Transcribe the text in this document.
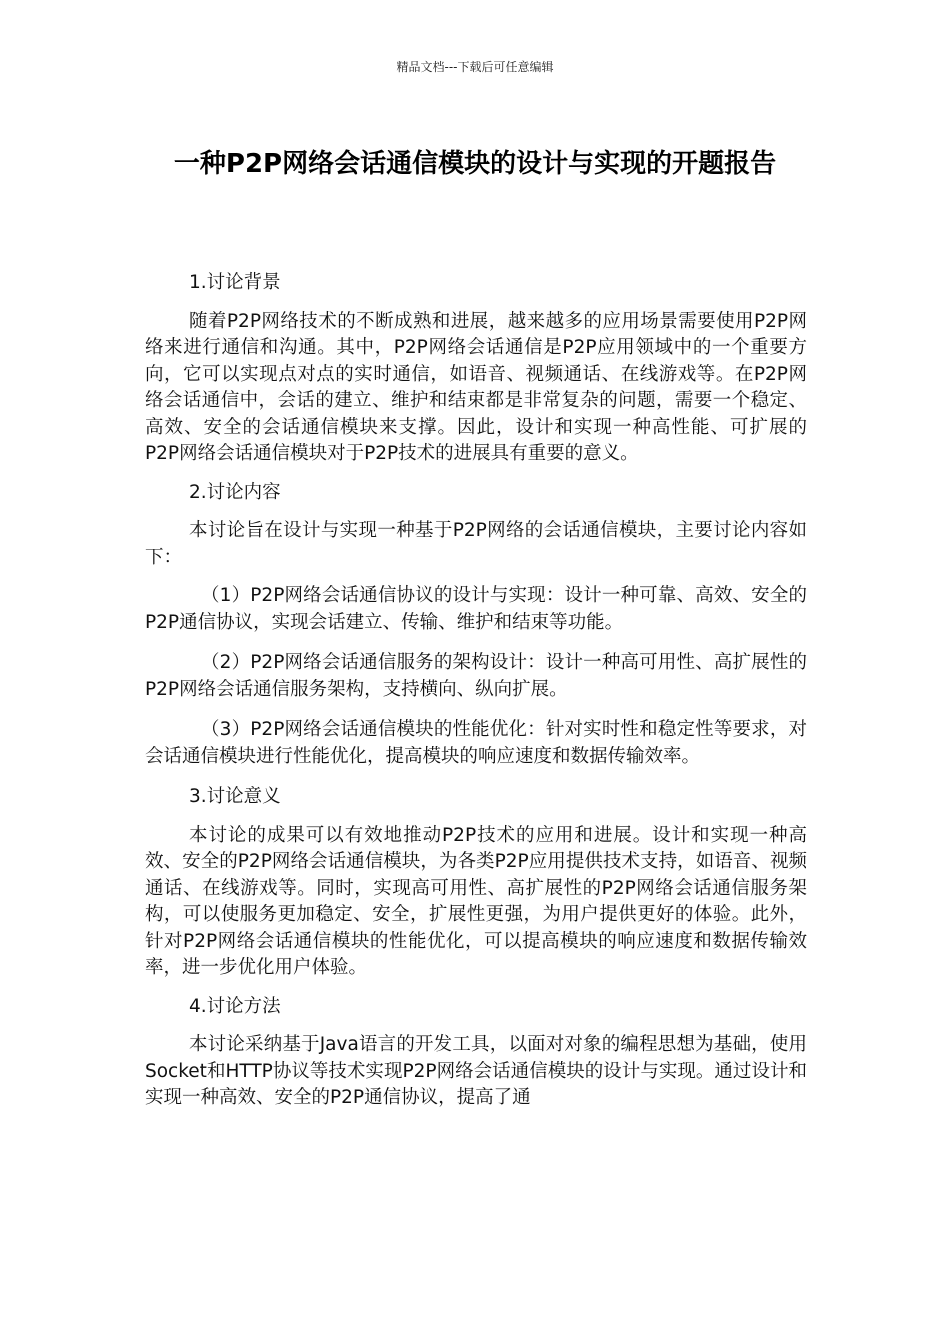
精品文档---下载后可任意编辑
一种P2P网络会话通信模块的设计与实现的开题报告

1.讨论背景

随着P2P网络技术的不断成熟和进展，越来越多的应用场景需要使用P2P网络来进行通信和沟通。其中，P2P网络会话通信是P2P应用领域中的一个重要方向，它可以实现点对点的实时通信，如语音、视频通话、在线游戏等。在P2P网络会话通信中，会话的建立、维护和结束都是非常复杂的问题，需要一个稳定、高效、安全的会话通信模块来支撑。因此，设计和实现一种高性能、可扩展的P2P网络会话通信模块对于P2P技术的进展具有重要的意义。

2.讨论内容

本讨论旨在设计与实现一种基于P2P网络的会话通信模块，主要讨论内容如下：

（1）P2P网络会话通信协议的设计与实现：设计一种可靠、高效、安全的P2P通信协议，实现会话建立、传输、维护和结束等功能。

（2）P2P网络会话通信服务的架构设计：设计一种高可用性、高扩展性的P2P网络会话通信服务架构，支持横向、纵向扩展。

（3）P2P网络会话通信模块的性能优化：针对实时性和稳定性等要求，对会话通信模块进行性能优化，提高模块的响应速度和数据传输效率。

3.讨论意义

本讨论的成果可以有效地推动P2P技术的应用和进展。设计和实现一种高效、安全的P2P网络会话通信模块，为各类P2P应用提供技术支持，如语音、视频通话、在线游戏等。同时，实现高可用性、高扩展性的P2P网络会话通信服务架构，可以使服务更加稳定、安全，扩展性更强，为用户提供更好的体验。此外，针对P2P网络会话通信模块的性能优化，可以提高模块的响应速度和数据传输效率，进一步优化用户体验。

4.讨论方法

本讨论采纳基于Java语言的开发工具，以面对对象的编程思想为基础，使用Socket和HTTP协议等技术实现P2P网络会话通信模块的设计与实现。通过设计和实现一种高效、安全的P2P通信协议，提高了通
